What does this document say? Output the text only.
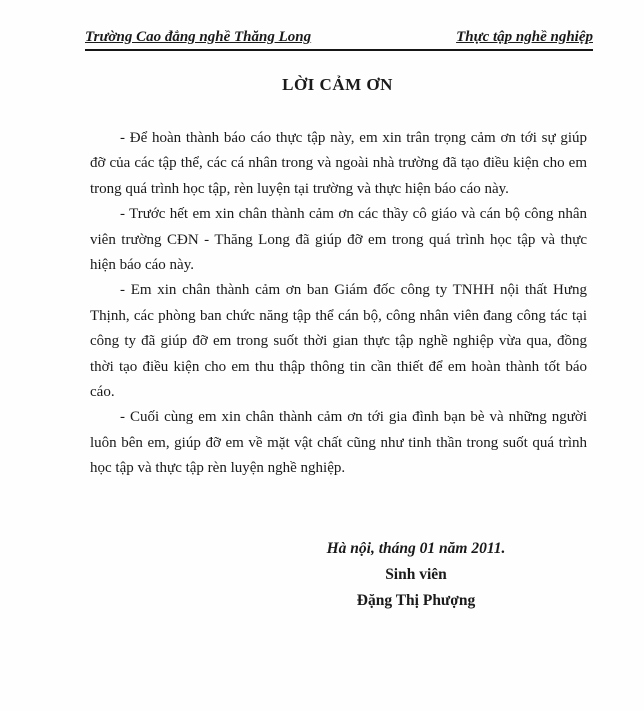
Trường Cao đẳng nghề Thăng Long	Thực tập nghề nghiệp
LỜI CẢM ƠN

- Để hoàn thành báo cáo thực tập này, em xin trân trọng cảm ơn tới sự giúp đỡ của các tập thể, các cá nhân trong và ngoài nhà trường đã tạo điều kiện cho em trong quá trình học tập, rèn luyện tại trường và thực hiện báo cáo này.

- Trước hết em xin chân thành cảm ơn các thầy cô giáo và cán bộ công nhân viên trường CĐN - Thăng Long đã giúp đỡ em trong quá trình học tập và thực hiện báo cáo này.

- Em xin chân thành cảm ơn ban Giám đốc công ty TNHH nội thất Hưng Thịnh, các phòng ban chức năng tập thể cán bộ, công nhân viên đang công tác tại công ty đã giúp đỡ em trong suốt thời gian thực tập nghề nghiệp vừa qua, đồng thời tạo điều kiện cho em thu thập thông tin cần thiết để em hoàn thành tốt báo cáo.

- Cuối cùng em xin chân thành cảm ơn tới gia đình bạn bè và những người luôn bên em, giúp đỡ em về mặt vật chất cũng như tinh thần trong suốt quá trình học tập và thực tập rèn luyện nghề nghiệp.

Hà nội, tháng 01 năm 2011.
Sinh viên
Đặng Thị Phượng
